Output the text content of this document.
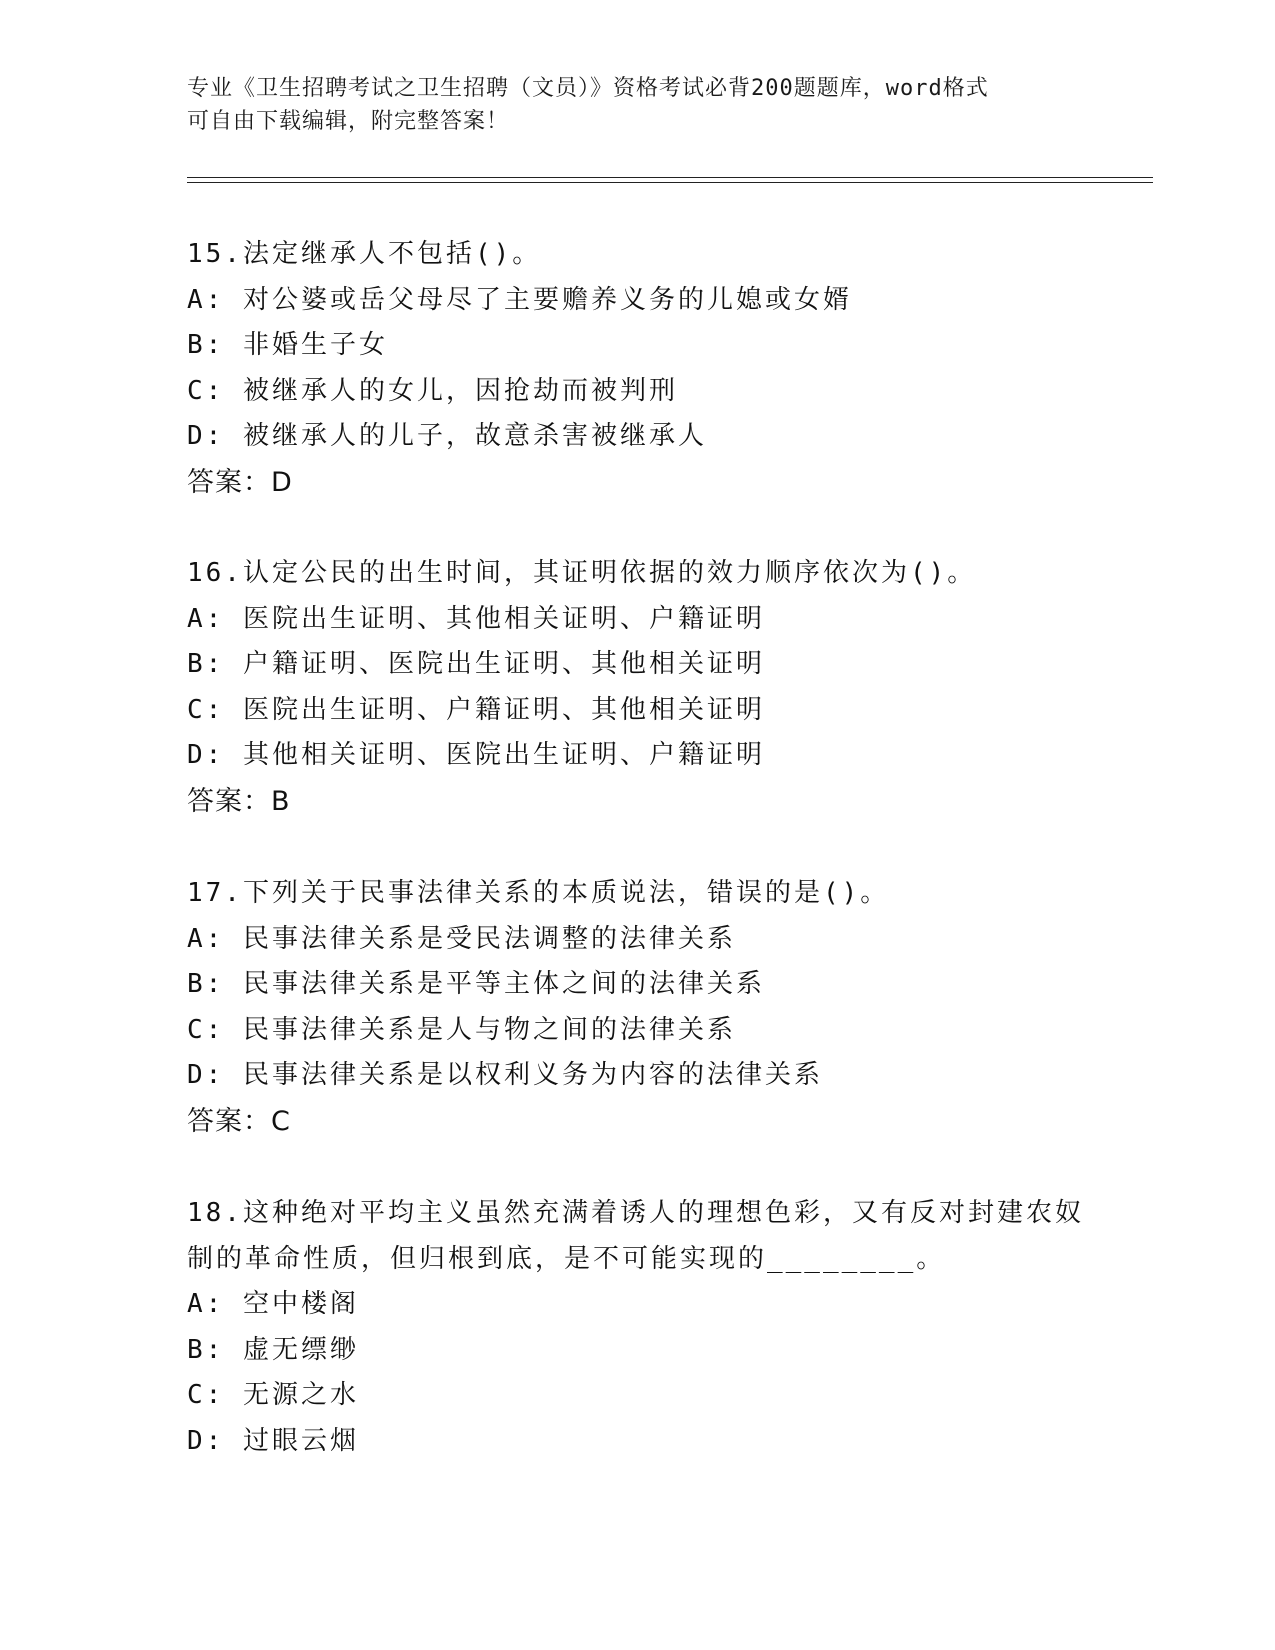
专业《卫生招聘考试之卫生招聘（文员）》资格考试必背200题题库，word格式
可自由下载编辑，附完整答案！
15.法定继承人不包括()。
A: 对公婆或岳父母尽了主要赡养义务的儿媳或女婿
B: 非婚生子女
C: 被继承人的女儿，因抢劫而被判刑
D: 被继承人的儿子，故意杀害被继承人
答案：D
16.认定公民的出生时间，其证明依据的效力顺序依次为()。
A: 医院出生证明、其他相关证明、户籍证明
B: 户籍证明、医院出生证明、其他相关证明
C: 医院出生证明、户籍证明、其他相关证明
D: 其他相关证明、医院出生证明、户籍证明
答案：B
17.下列关于民事法律关系的本质说法，错误的是()。
A: 民事法律关系是受民法调整的法律关系
B: 民事法律关系是平等主体之间的法律关系
C: 民事法律关系是人与物之间的法律关系
D: 民事法律关系是以权利义务为内容的法律关系
答案：C
18.这种绝对平均主义虽然充满着诱人的理想色彩，又有反对封建农奴
制的革命性质，但归根到底，是不可能实现的________。
A: 空中楼阁
B: 虚无缥缈
C: 无源之水
D: 过眼云烟
